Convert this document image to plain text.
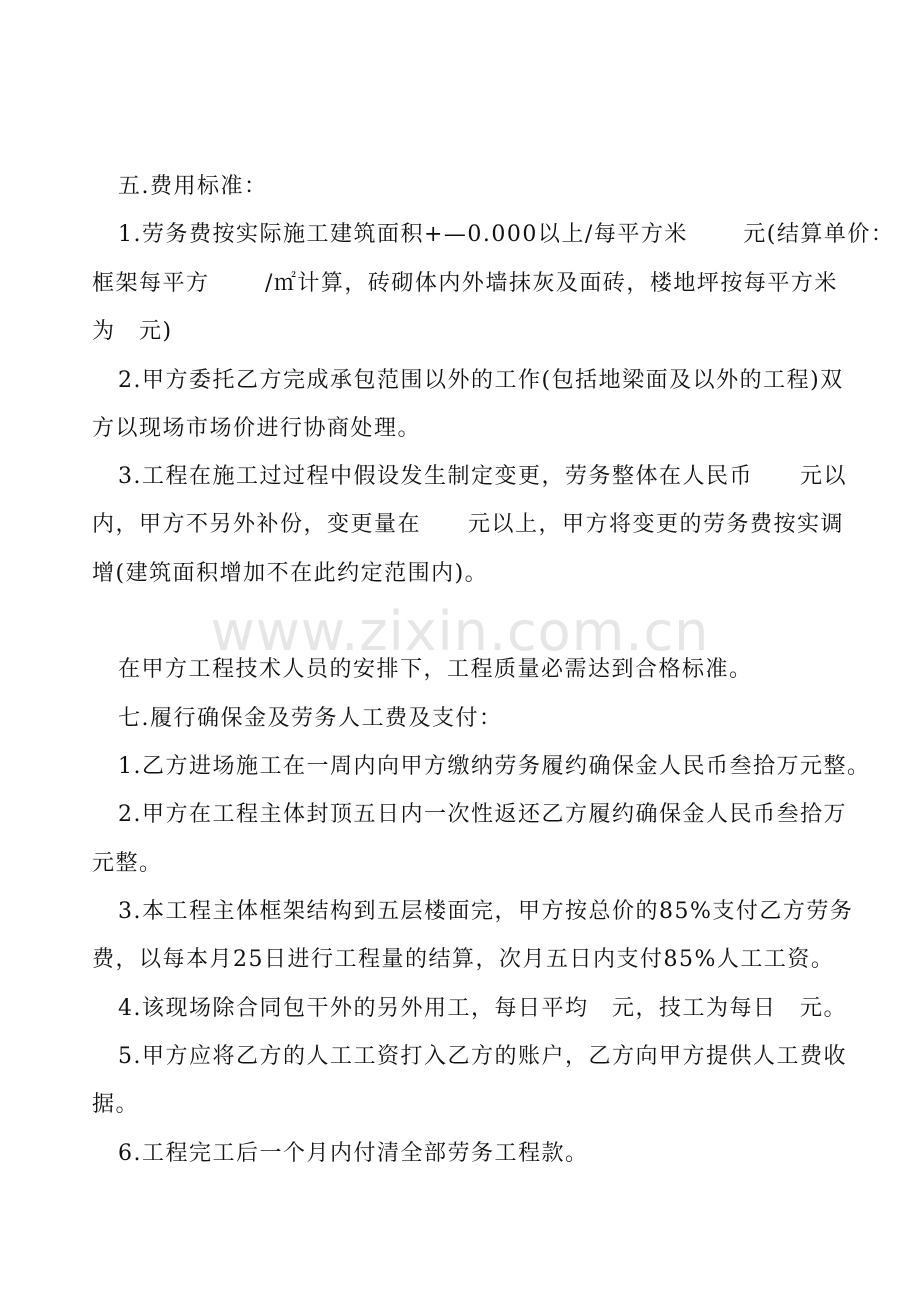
www.zixin.com.cn
五.费用标准：
1.劳务费按实际施工建筑面积+—0.000以上/每平方米　　 元(结算单价：
框架每平方　　 /㎡计算，砖砌体内外墙抹灰及面砖，楼地坪按每平方米
为　元)
2.甲方委托乙方完成承包范围以外的工作(包括地梁面及以外的工程)双
方以现场市场价进行协商处理。
3.工程在施工过过程中假设发生制定变更，劳务整体在人民币　　元以
内，甲方不另外补份，变更量在　　元以上，甲方将变更的劳务费按实调
增(建筑面积增加不在此约定范围内)。
在甲方工程技术人员的安排下，工程质量必需达到合格标准。
七.履行确保金及劳务人工费及支付：
1.乙方进场施工在一周内向甲方缴纳劳务履约确保金人民币叁拾万元整。
2.甲方在工程主体封顶五日内一次性返还乙方履约确保金人民币叁拾万
元整。
3.本工程主体框架结构到五层楼面完，甲方按总价的85%支付乙方劳务
费，以每本月25日进行工程量的结算，次月五日内支付85%人工工资。
4.该现场除合同包干外的另外用工，每日平均　元，技工为每日　元。
5.甲方应将乙方的人工工资打入乙方的账户，乙方向甲方提供人工费收
据。
6.工程完工后一个月内付清全部劳务工程款。
